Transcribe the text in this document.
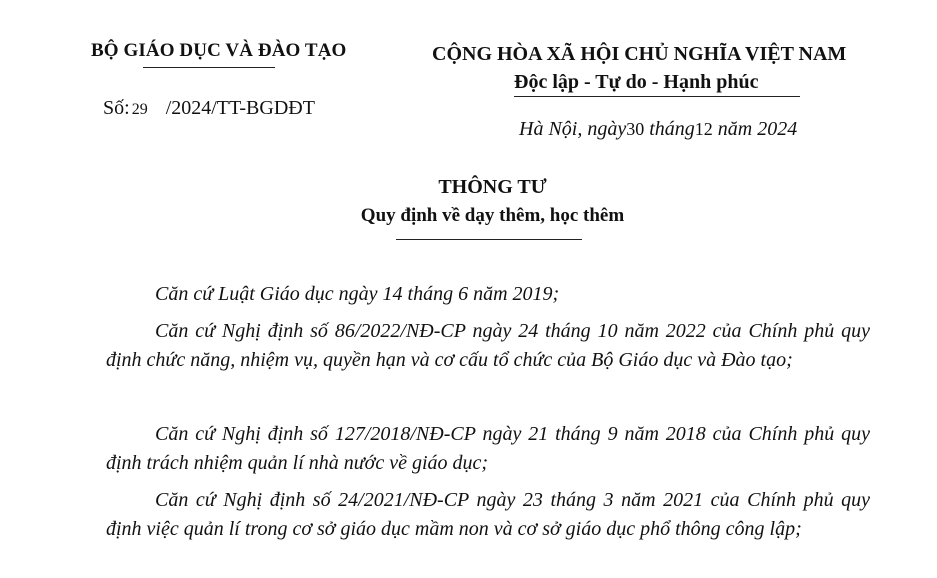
BỘ GIÁO DỤC VÀ ĐÀO TẠO
Số: 29 /2024/TT-BGDĐT
CỘNG HÒA XÃ HỘI CHỦ NGHĨA VIỆT NAM
Độc lập - Tự do - Hạnh phúc
Hà Nội, ngày30 tháng12 năm 2024
THÔNG TƯ
Quy định về dạy thêm, học thêm

Căn cứ Luật Giáo dục ngày 14 tháng 6 năm 2019;

Căn cứ Nghị định số 86/2022/NĐ-CP ngày 24 tháng 10 năm 2022 của Chính phủ quy định chức năng, nhiệm vụ, quyền hạn và cơ cấu tổ chức của Bộ Giáo dục và Đào tạo;

Căn cứ Nghị định số 127/2018/NĐ-CP ngày 21 tháng 9 năm 2018 của Chính phủ quy định trách nhiệm quản lí nhà nước về giáo dục;

Căn cứ Nghị định số 24/2021/NĐ-CP ngày 23 tháng 3 năm 2021 của Chính phủ quy định việc quản lí trong cơ sở giáo dục mầm non và cơ sở giáo dục phổ thông công lập;
